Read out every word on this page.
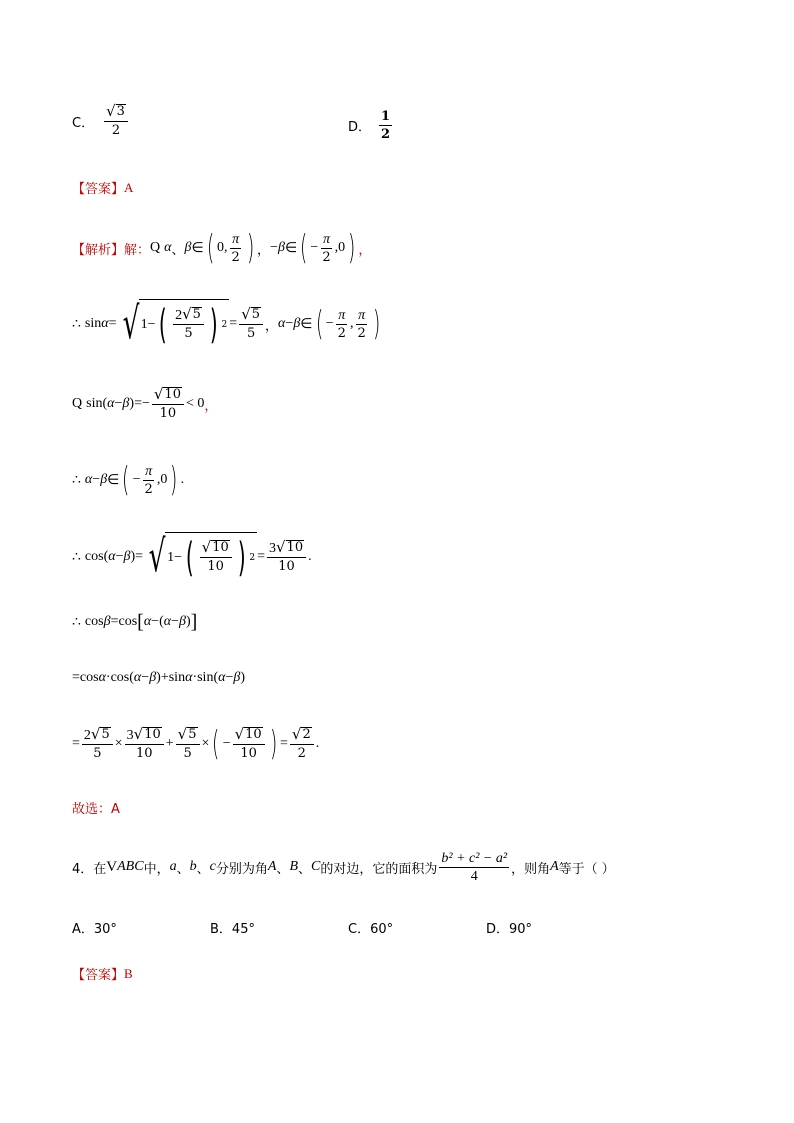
C． $\frac{√ 3}{2}$	D． $\frac{1}{2}$
【答案】 A
【解析】 解： Q α 、 β ∈ ( 0 , $\frac{\pi}{2}$ ) ， − β ∈ ( − $\frac{\pi}{2}$ , 0 ) ，
∴ sin α = √ 1− ( $\frac{2 √ 5}{5}$ ) $2 = \frac{√ 5}{5}$ ， α − β ∈ ( − $\frac{\pi}{2}$ , $\frac{\pi}{2}$ )
Q sin ( α − β ) =− $\frac{√ 10}{10} < 0$ ，
∴ α − β ∈ ( − $\frac{\pi}{2}$ , 0 ) .
∴ cos( α − β )= √ 1− ( $\frac{√ 10}{10}$ ) $2 = \frac{3 √ 10}{10}$ .
∴ cos β =cos [ α −( α − β ) ]
=cos α ·cos( α − β )+sin α ·sin( α − β )
= $\frac{2 √ 5}{5} \times \frac{3 √ 10}{10} + \frac{√ 5}{5}$ × ( − $\frac{√ 10}{10}$ ) = $\frac{√ 2}{2}$ .
故选：A
4．在 V ABC 中， a 、 b 、 c 分别为角 A 、 B 、 C 的对边，它的面积为 $\frac{\text{b² + c² − a²}}{4}$ ，则角 A 等于（ ）
A．30°	B．45°	C．60°	D．90°
【答案】 B
